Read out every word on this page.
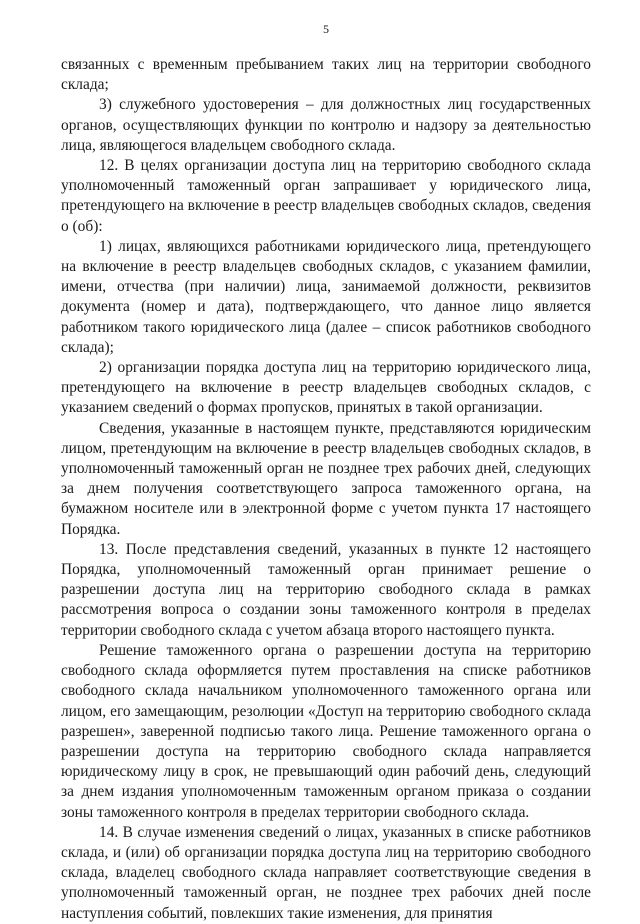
5

связанных с временным пребыванием таких лиц на территории свободного склада;

3) служебного удостоверения – для должностных лиц государственных органов, осуществляющих функции по контролю и надзору за деятельностью лица, являющегося владельцем свободного склада.

12. В целях организации доступа лиц на территорию свободного склада уполномоченный таможенный орган запрашивает у юридического лица, претендующего на включение в реестр владельцев свободных складов, сведения о (об):

1) лицах, являющихся работниками юридического лица, претендующего на включение в реестр владельцев свободных складов, с указанием фамилии, имени, отчества (при наличии) лица, занимаемой должности, реквизитов документа (номер и дата), подтверждающего, что данное лицо является работником такого юридического лица (далее – список работников свободного склада);

2) организации порядка доступа лиц на территорию юридического лица, претендующего на включение в реестр владельцев свободных складов, с указанием сведений о формах пропусков, принятых в такой организации.

Сведения, указанные в настоящем пункте, представляются юридическим лицом, претендующим на включение в реестр владельцев свободных складов, в уполномоченный таможенный орган не позднее трех рабочих дней, следующих за днем получения соответствующего запроса таможенного органа, на бумажном носителе или в электронной форме с учетом пункта 17 настоящего Порядка.

13. После представления сведений, указанных в пункте 12 настоящего Порядка, уполномоченный таможенный орган принимает решение о разрешении доступа лиц на территорию свободного склада в рамках рассмотрения вопроса о создании зоны таможенного контроля в пределах территории свободного склада с учетом абзаца второго настоящего пункта.

Решение таможенного органа о разрешении доступа на территорию свободного склада оформляется путем проставления на списке работников свободного склада начальником уполномоченного таможенного органа или лицом, его замещающим, резолюции «Доступ на территорию свободного склада разрешен», заверенной подписью такого лица. Решение таможенного органа о разрешении доступа на территорию свободного склада направляется юридическому лицу в срок, не превышающий один рабочий день, следующий за днем издания уполномоченным таможенным органом приказа о создании зоны таможенного контроля в пределах территории свободного склада.

14. В случае изменения сведений о лицах, указанных в списке работников склада, и (или) об организации порядка доступа лиц на территорию свободного склада, владелец свободного склада направляет соответствующие сведения в уполномоченный таможенный орган, не позднее трех рабочих дней после наступления событий, повлекших такие изменения, для принятия
